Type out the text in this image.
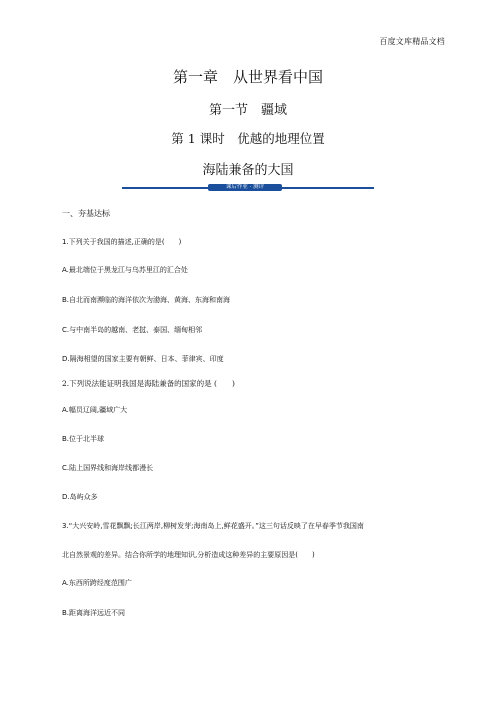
百度文库精品文档
第一章　从世界看中国
第一节　疆域
第 1 课时　优越的地理位置
海陆兼备的大国
课后作业 · 测评
一、夯基达标
1.下列关于我国的描述,正确的是(　　)
A.最北端位于黑龙江与乌苏里江的汇合处
B.自北而南濒临的海洋依次为渤海、黄海、东海和南海
C.与中南半岛的越南、老挝、泰国、缅甸相邻
D.隔海相望的国家主要有朝鲜、日本、菲律宾、印度
2.下列说法能证明我国是海陆兼备的国家的是 (　　)
A.幅员辽阔,疆域广大
B.位于北半球
C.陆上国界线和海岸线都漫长
D.岛屿众多
3.“大兴安岭,雪花飘飘;长江两岸,柳树发芽;海南岛上,鲜花盛开。”这三句话反映了在早春季节我国南
北自然景观的差异。结合你所学的地理知识,分析造成这种差异的主要原因是(　　)
A.东西所跨经度范围广
B.距离海洋远近不同
